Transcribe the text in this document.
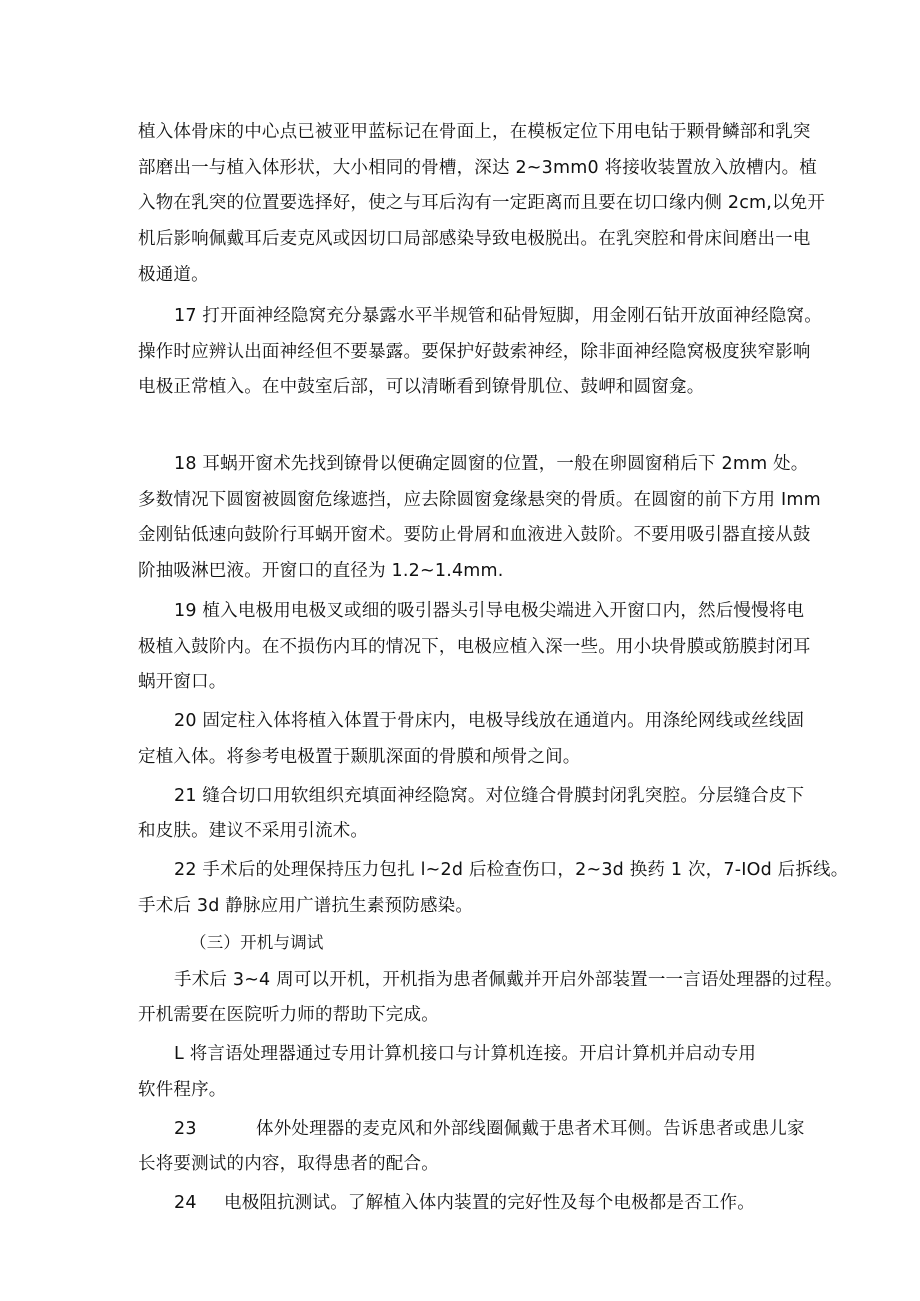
植入体骨床的中心点已被亚甲蓝标记在骨面上，在模板定位下用电钻于颗骨鳞部和乳突
部磨出一与植入体形状，大小相同的骨槽，深达 2~3mm0 将接收装置放入放槽内。植
入物在乳突的位置要选择好，使之与耳后沟有一定距离而且要在切口缘内侧 2cm,以免开
机后影响佩戴耳后麦克风或因切口局部感染导致电极脱出。在乳突腔和骨床间磨出一电
极通道。
17 打开面神经隐窝充分暴露水平半规管和砧骨短脚，用金刚石钻开放面神经隐窝。
操作时应辨认出面神经但不要暴露。要保护好鼓索神经，除非面神经隐窝极度狭窄影响
电极正常植入。在中鼓室后部，可以清晰看到镣骨肌位、鼓岬和圆窗龛。
18 耳蜗开窗术先找到镣骨以便确定圆窗的位置，一般在卵圆窗稍后下 2mm 处。
多数情况下圆窗被圆窗危缘遮挡，应去除圆窗龛缘悬突的骨质。在圆窗的前下方用 Imm
金刚钻低速向鼓阶行耳蜗开窗术。要防止骨屑和血液进入鼓阶。不要用吸引器直接从鼓
阶抽吸淋巴液。开窗口的直径为 1.2~1.4mm.
19 植入电极用电极叉或细的吸引器头引导电极尖端进入开窗口内，然后慢慢将电
极植入鼓阶内。在不损伤内耳的情况下，电极应植入深一些。用小块骨膜或筋膜封闭耳
蜗开窗口。
20 固定柱入体将植入体置于骨床内，电极导线放在通道内。用涤纶网线或丝线固
定植入体。将参考电极置于颞肌深面的骨膜和颅骨之间。
21 缝合切口用软组织充填面神经隐窝。对位缝合骨膜封闭乳突腔。分层缝合皮下
和皮肤。建议不采用引流术。
22 手术后的处理保持压力包扎 l~2d 后检查伤口，2~3d 换药 1 次，7-IOd 后拆线。
手术后 3d 静脉应用广谱抗生素预防感染。
（三）开机与调试
手术后 3~4 周可以开机，开机指为患者佩戴并开启外部装置一一言语处理器的过程。
开机需要在医院听力师的帮助下完成。
L 将言语处理器通过专用计算机接口与计算机连接。开启计算机并启动专用
软件程序。
23	体外处理器的麦克风和外部线圈佩戴于患者术耳侧。告诉患者或患儿家
长将要测试的内容，取得患者的配合。
24 电极阻抗测试。了解植入体内装置的完好性及每个电极都是否工作。
